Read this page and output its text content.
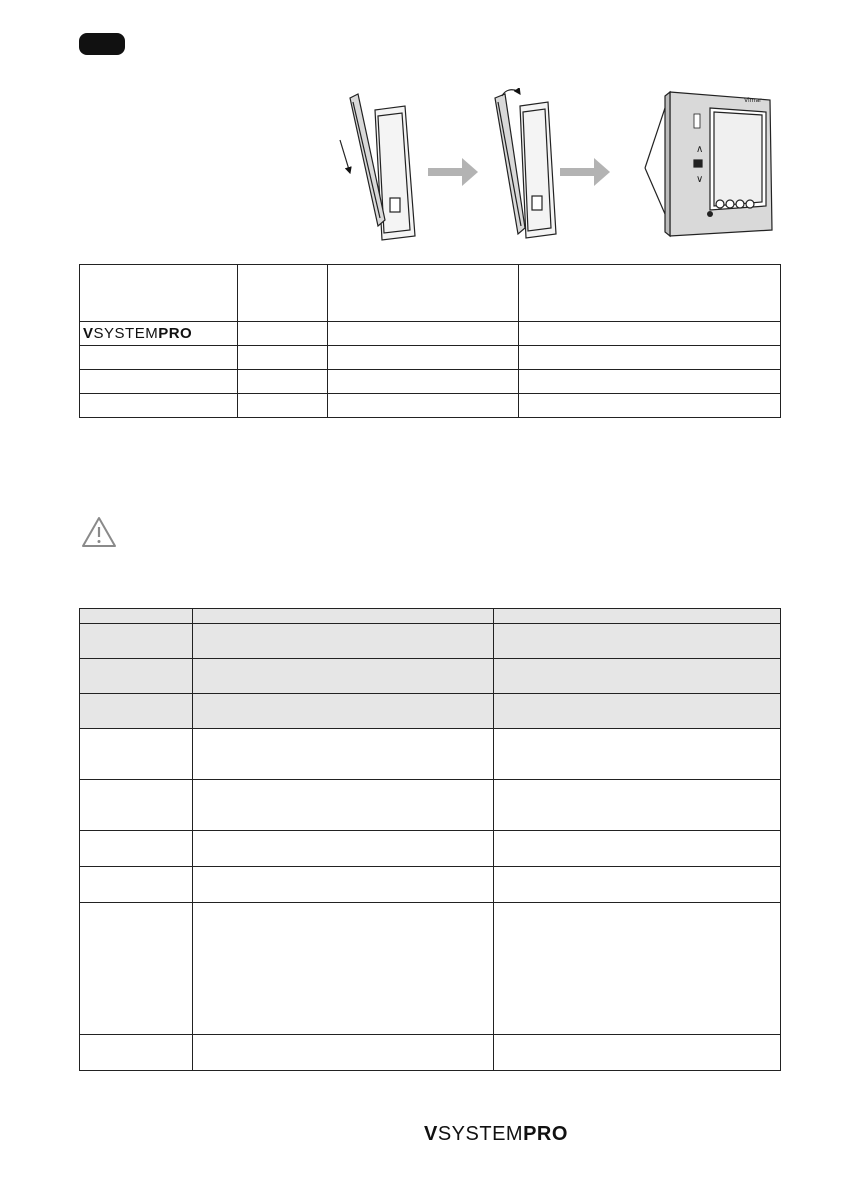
∧
∨
Vimar

VSYSTEMPRO			

VSYSTEMPRO
